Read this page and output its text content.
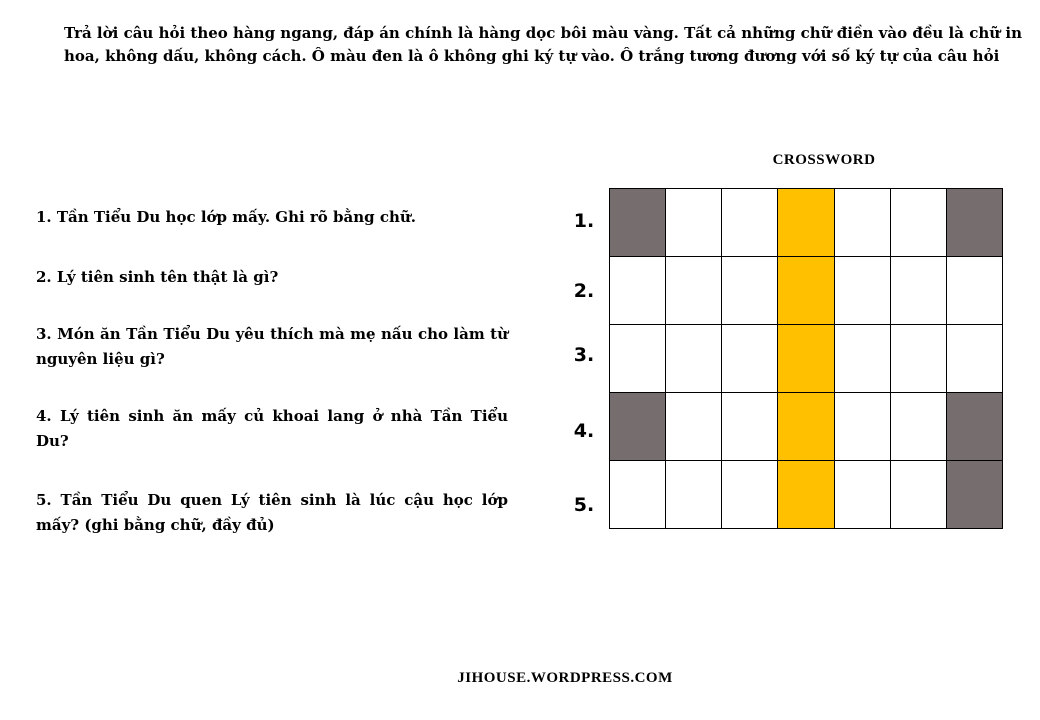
Trả lời câu hỏi theo hàng ngang, đáp án chính là hàng dọc bôi màu vàng. Tất cả những chữ điền vào đều là chữ in hoa, không dấu, không cách. Ô màu đen là ô không ghi ký tự vào. Ô trắng tương đương với số ký tự của câu hỏi
CROSSWORD
1. Tần Tiểu Du học lớp mấy. Ghi rõ bằng chữ.
2. Lý tiên sinh tên thật là gì?
3. Món ăn Tần Tiểu Du yêu thích mà mẹ nấu cho làm từ nguyên liệu gì?
4. Lý tiên sinh ăn mấy củ khoai lang ở nhà Tần Tiểu Du?
5. Tần Tiểu Du quen Lý tiên sinh là lúc cậu học lớp mấy? (ghi bằng chữ, đầy đủ)
1.
2.
3.
4.
5.
JIHOUSE.WORDPRESS.COM
